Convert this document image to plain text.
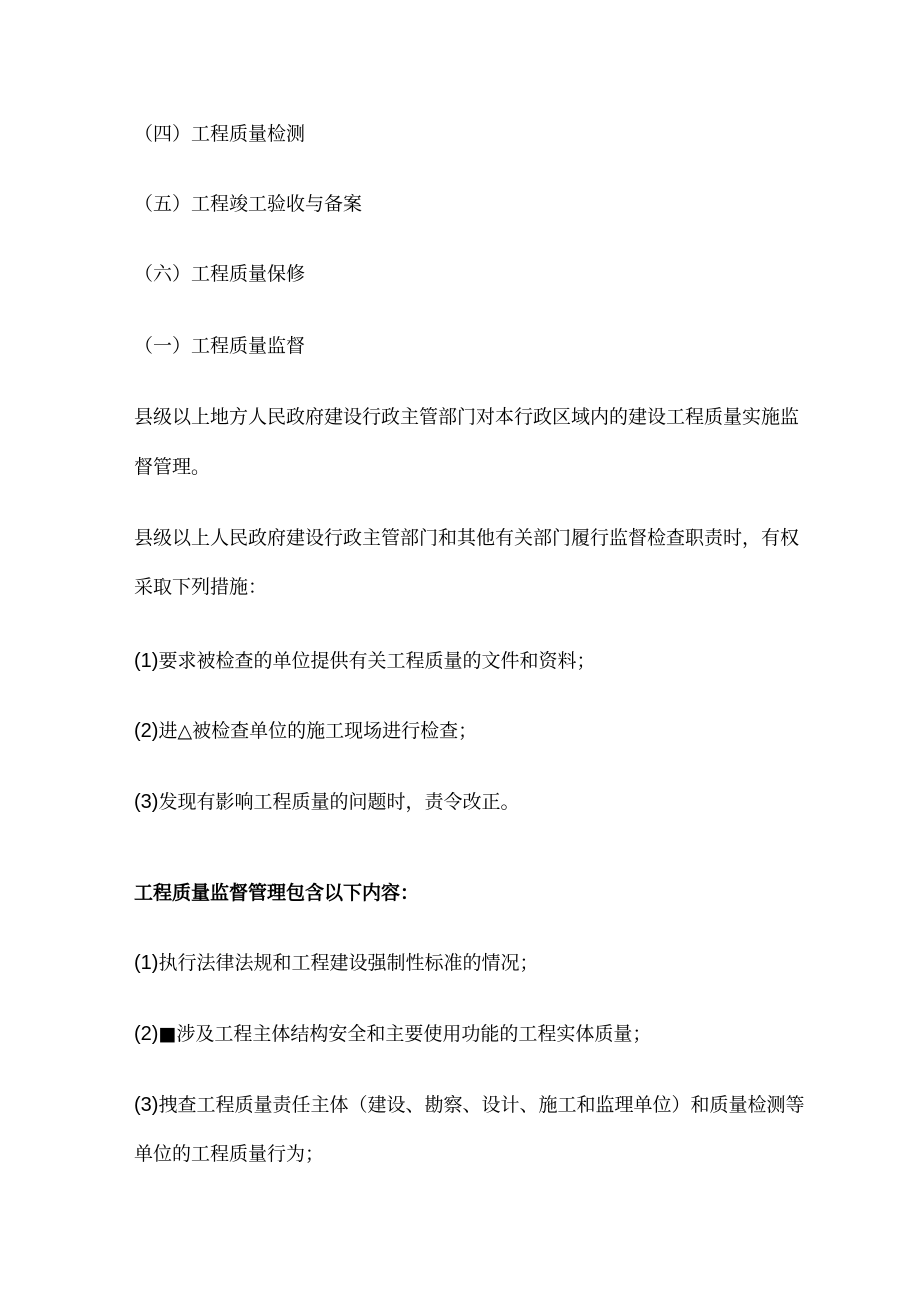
（四）工程质量检测
（五）工程竣工验收与备案
（六）工程质量保修
（一）工程质量监督
县级以上地方人民政府建设行政主管部门对本行政区域内的建设工程质量实施监
督管理。
县级以上人民政府建设行政主管部门和其他有关部门履行监督检查职责时，有权
采取下列措施：
(1)要求被检查的单位提供有关工程质量的文件和资料；
(2)进△被检查单位的施工现场进行检查；
(3)发现有影响工程质量的问题时，责令改正。
工程质量监督管理包含以下内容：
(1)执行法律法规和工程建设强制性标准的情况；
(2)■涉及工程主体结构安全和主要使用功能的工程实体质量；
(3)拽查工程质量责任主体（建设、勘察、设计、施工和监理单位）和质量检测等
单位的工程质量行为；
